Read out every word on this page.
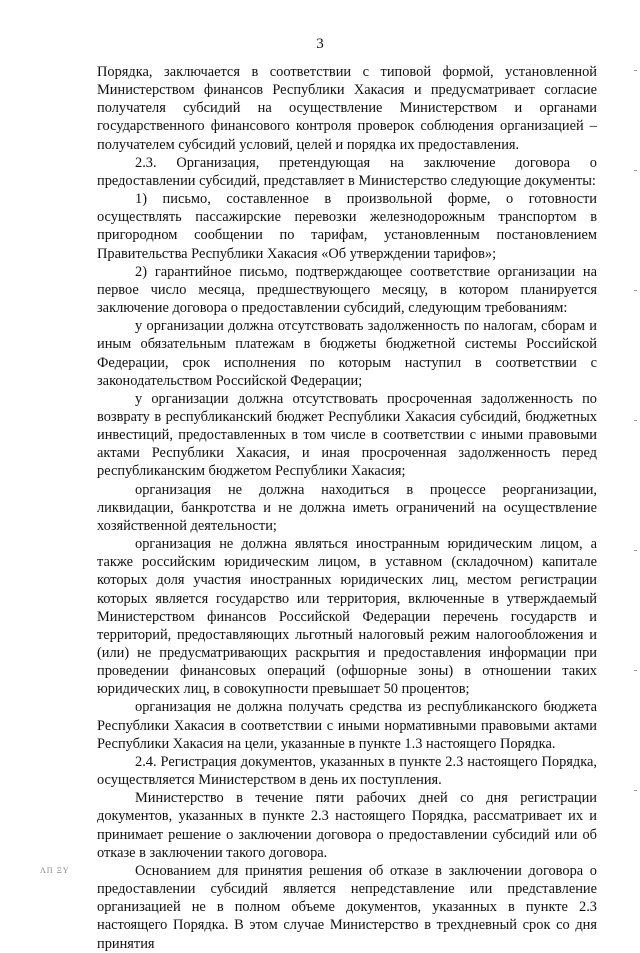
3

Порядка, заключается в соответствии с типовой формой, установленной Министерством финансов Республики Хакасия и предусматривает согласие получателя субсидий на осуществление Министерством и органами государственного финансового контроля проверок соблюдения организацией – получателем субсидий условий, целей и порядка их предоставления.

2.3. Организация, претендующая на заключение договора о предоставлении субсидий, представляет в Министерство следующие документы:

1) письмо, составленное в произвольной форме, о готовности осуществлять пассажирские перевозки железнодорожным транспортом в пригородном сообщении по тарифам, установленным постановлением Правительства Республики Хакасия «Об утверждении тарифов»;

2) гарантийное письмо, подтверждающее соответствие организации на первое число месяца, предшествующего месяцу, в котором планируется заключение договора о предоставлении субсидий, следующим требованиям:

у организации должна отсутствовать задолженность по налогам, сборам и иным обязательным платежам в бюджеты бюджетной системы Российской Федерации, срок исполнения по которым наступил в соответствии с законодательством Российской Федерации;

у организации должна отсутствовать просроченная задолженность по возврату в республиканский бюджет Республики Хакасия субсидий, бюджетных инвестиций, предоставленных в том числе в соответствии с иными правовыми актами Республики Хакасия, и иная просроченная задолженность перед республиканским бюджетом Республики Хакасия;

организация не должна находиться в процессе реорганизации, ликвидации, банкротства и не должна иметь ограничений на осуществление хозяйственной деятельности;

организация не должна являться иностранным юридическим лицом, а также российским юридическим лицом, в уставном (складочном) капитале которых доля участия иностранных юридических лиц, местом регистрации которых является государство или территория, включенные в утверждаемый Министерством финансов Российской Федерации перечень государств и территорий, предоставляющих льготный налоговый режим налогообложения и (или) не предусматривающих раскрытия и предоставления информации при проведении финансовых операций (офшорные зоны) в отношении таких юридических лиц, в совокупности превышает 50 процентов;

организация не должна получать средства из республиканского бюджета Республики Хакасия в соответствии с иными нормативными правовыми актами Республики Хакасия на цели, указанные в пункте 1.3 настоящего Порядка.

2.4. Регистрация документов, указанных в пункте 2.3 настоящего Порядка, осуществляется Министерством в день их поступления.

Министерство в течение пяти рабочих дней со дня регистрации документов, указанных в пункте 2.3 настоящего Порядка, рассматривает их и принимает решение о заключении договора о предоставлении субсидий или об отказе в заключении такого договора.

Основанием для принятия решения об отказе в заключении договора о предоставлении субсидий является непредставление или представление организацией не в полном объеме документов, указанных в пункте 2.3 настоящего Порядка. В этом случае Министерство в трехдневный срок со дня принятия

ΛΠ ΞΥ
